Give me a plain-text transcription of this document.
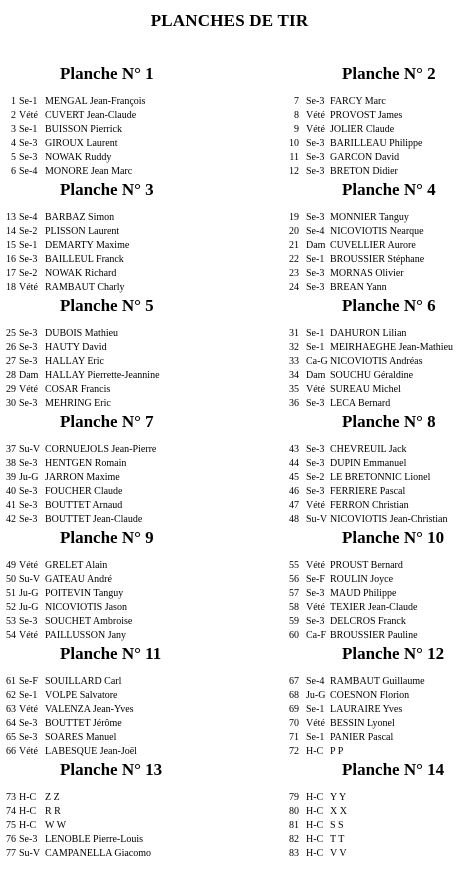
PLANCHES DE TIR
Planche N° 1
1 Se-1 MENGAL Jean-François
2 Vété CUVERT Jean-Claude
3 Se-1 BUISSON Pierrick
4 Se-3 GIROUX Laurent
5 Se-3 NOWAK Ruddy
6 Se-4 MONORE Jean Marc
Planche N° 3
13 Se-4 BARBAZ Simon
14 Se-2 PLISSON Laurent
15 Se-1 DEMARTY Maxime
16 Se-3 BAILLEUL Franck
17 Se-2 NOWAK Richard
18 Vété RAMBAUT Charly
Planche N° 5
25 Se-3 DUBOIS Mathieu
26 Se-3 HAUTY David
27 Se-3 HALLAY Eric
28 Dam HALLAY Pierrette-Jeannine
29 Vété COSAR Francis
30 Se-3 MEHRING Eric
Planche N° 7
37 Su-V CORNUEJOLS Jean-Pierre
38 Se-3 HENTGEN Romain
39 Ju-G JARRON Maxime
40 Se-3 FOUCHER Claude
41 Se-3 BOUTTET Arnaud
42 Se-3 BOUTTET Jean-Claude
Planche N° 9
49 Vété GRELET Alain
50 Su-V GATEAU André
51 Ju-G POITEVIN Tanguy
52 Ju-G NICOVIOTIS Jason
53 Se-3 SOUCHET Ambroise
54 Vété PAILLUSSON Jany
Planche N° 11
61 Se-F SOUILLARD Carl
62 Se-1 VOLPE Salvatore
63 Vété VALENZA Jean-Yves
64 Se-3 BOUTTET Jérôme
65 Se-3 SOARES Manuel
66 Vété LABESQUE Jean-Joël
Planche N° 13
73 H-C Z Z
74 H-C R R
75 H-C W W
76 Se-3 LENOBLE Pierre-Louis
77 Su-V CAMPANELLA Giacomo
Planche N° 2
7 Se-3 FARCY Marc
8 Vété PROVOST James
9 Vété JOLIER Claude
10 Se-3 BARILLEAU Philippe
11 Se-3 GARCON David
12 Se-3 BRETON Didier
Planche N° 4
19 Se-3 MONNIER Tanguy
20 Se-4 NICOVIOTIS Nearque
21 Dam CUVELLIER Aurore
22 Se-1 BROUSSIER Stéphane
23 Se-3 MORNAS Olivier
24 Se-3 BREAN Yann
Planche N° 6
31 Se-1 DAHURON Lilian
32 Se-1 MEIRHAEGHE Jean-Mathieu
33 Ca-G NICOVIOTIS Andréas
34 Dam SOUCHU Géraldine
35 Vété SUREAU Michel
36 Se-3 LECA Bernard
Planche N° 8
43 Se-3 CHEVREUIL Jack
44 Se-3 DUPIN Emmanuel
45 Se-2 LE BRETONNIC Lionel
46 Se-3 FERRIERE Pascal
47 Vété FERRON Christian
48 Su-V NICOVIOTIS Jean-Christian
Planche N° 10
55 Vété PROUST Bernard
56 Se-F ROULIN Joyce
57 Se-3 MAUD Philippe
58 Vété TEXIER Jean-Claude
59 Se-3 DELCROS Franck
60 Ca-F BROUSSIER Pauline
Planche N° 12
67 Se-4 RAMBAUT Guillaume
68 Ju-G COESNON Florion
69 Se-1 LAURAIRE Yves
70 Vété BESSIN Lyonel
71 Se-1 PANIER Pascal
72 H-C P P
Planche N° 14
79 H-C Y Y
80 H-C X X
81 H-C S S
82 H-C T T
83 H-C V V
